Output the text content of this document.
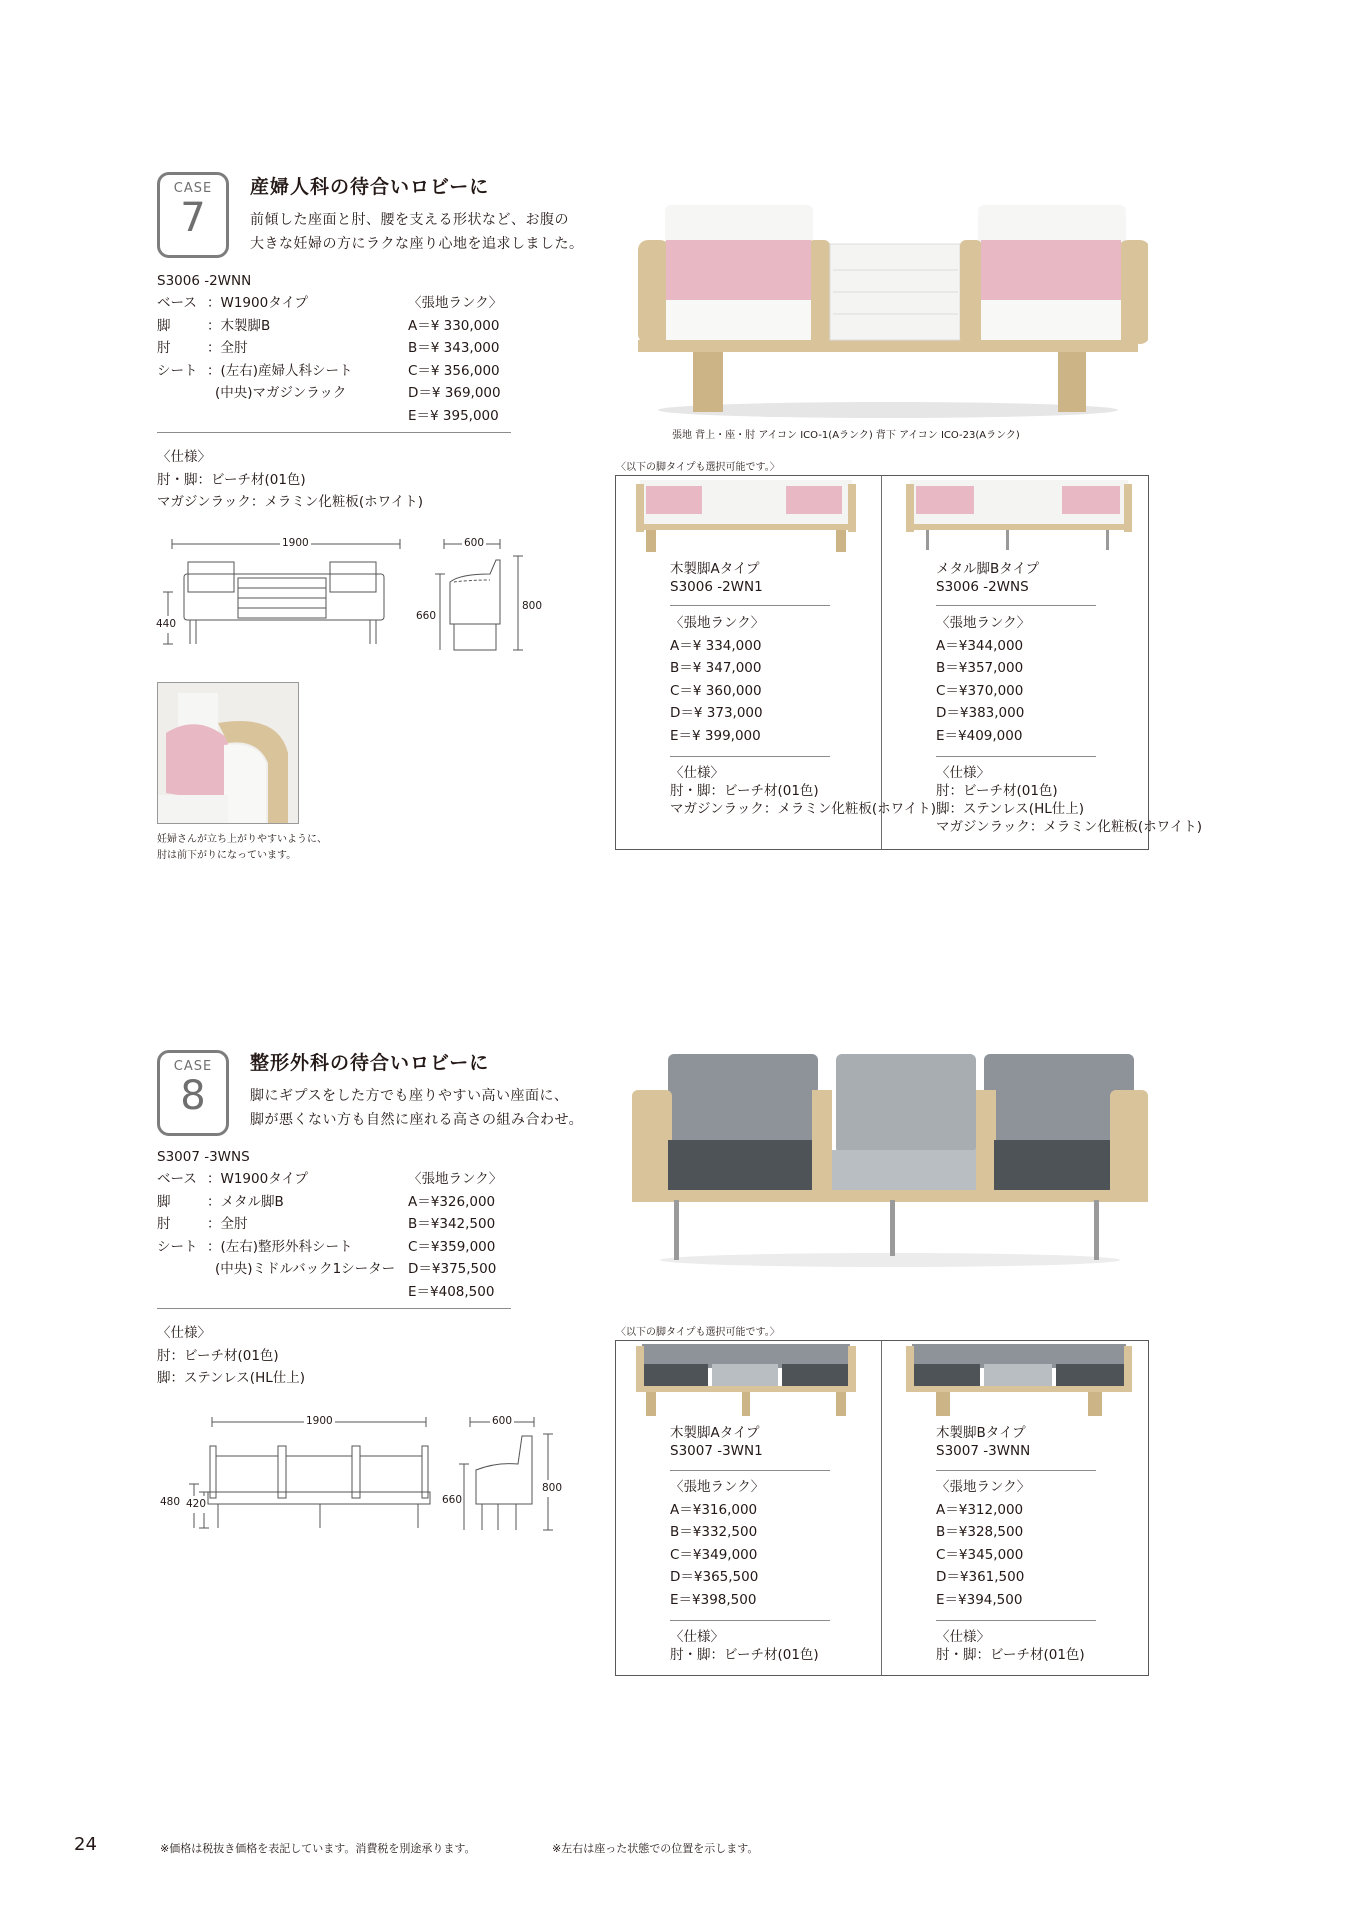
CASE
7
産婦人科の待合いロビーに
前傾した座面と肘、腰を支える形状など、お腹の
大きな妊婦の方にラクな座り心地を追求しました。
S3006 -2WNN
ベース	：W1900タイプ
脚	：木製脚B
肘	：全肘
シート	：(左右)産婦人科シート
	(中央)マガジンラック
〈張地ランク〉
A＝¥ 330,000
B＝¥ 343,000
C＝¥ 356,000
D＝¥ 369,000
E＝¥ 395,000
〈仕様〉
肘・脚：ビーチ材(01色)
マガジンラック：メラミン化粧板(ホワイト)
1900	600
440
660
800
妊婦さんが立ち上がりやすいように、
肘は前下がりになっています。
張地 背上・座・肘 アイコン ICO-1(Aランク) 背下 アイコン ICO-23(Aランク)
〈以下の脚タイプも選択可能です。〉
木製脚Aタイプ
S3006 -2WN1
〈張地ランク〉
A＝¥ 334,000
B＝¥ 347,000
C＝¥ 360,000
D＝¥ 373,000
E＝¥ 399,000
〈仕様〉
肘・脚：ビーチ材(01色)
マガジンラック：メラミン化粧板(ホワイト)
メタル脚Bタイプ
S3006 -2WNS
〈張地ランク〉
A＝¥344,000
B＝¥357,000
C＝¥370,000
D＝¥383,000
E＝¥409,000
〈仕様〉
肘：ビーチ材(01色)
脚：ステンレス(HL仕上)
マガジンラック：メラミン化粧板(ホワイト)
CASE
8
整形外科の待合いロビーに
脚にギプスをした方でも座りやすい高い座面に、
脚が悪くない方も自然に座れる高さの組み合わせ。
S3007 -3WNS
ベース	：W1900タイプ
脚	：メタル脚B
肘	：全肘
シート	：(左右)整形外科シート
	(中央)ミドルバック1シーター
〈張地ランク〉
A＝¥326,000
B＝¥342,500
C＝¥359,000
D＝¥375,500
E＝¥408,500
〈仕様〉
肘：ビーチ材(01色)
脚：ステンレス(HL仕上)
1900	600
480 420	660
800
〈以下の脚タイプも選択可能です。〉
木製脚Aタイプ
S3007 -3WN1
〈張地ランク〉
A＝¥316,000
B＝¥332,500
C＝¥349,000
D＝¥365,500
E＝¥398,500
〈仕様〉
肘・脚：ビーチ材(01色)
木製脚Bタイプ
S3007 -3WNN
〈張地ランク〉
A＝¥312,000
B＝¥328,500
C＝¥345,000
D＝¥361,500
E＝¥394,500
〈仕様〉
肘・脚：ビーチ材(01色)
24	※価格は税抜き価格を表記しています。消費税を別途承ります。	※左右は座った状態での位置を示します。
